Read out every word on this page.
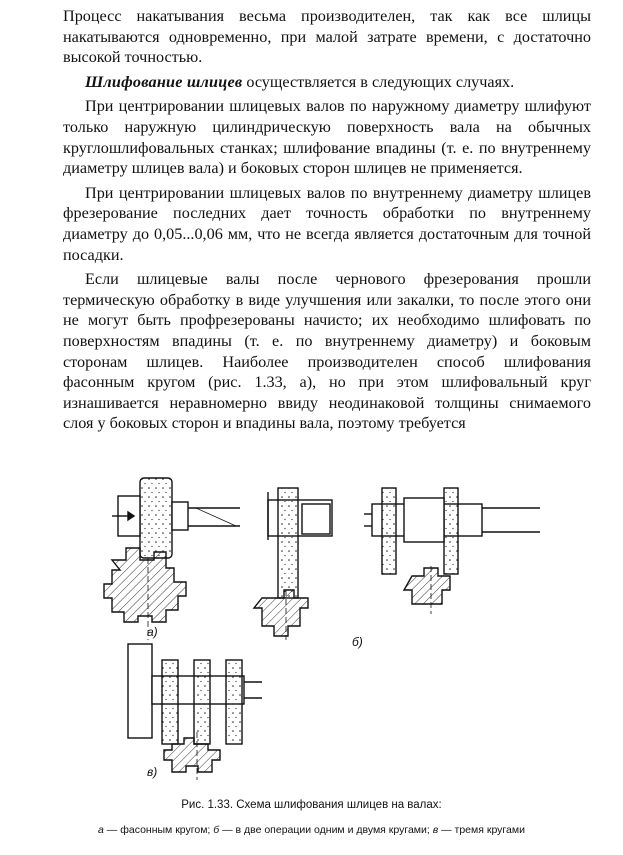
Процесс накатывания весьма производителен, так как все шлицы накатываются одновременно, при малой затрате времени, с достаточно высокой точностью.

Шлифование шлицев осуществляется в следующих случаях.

При центрировании шлицевых валов по наружному диаметру шлифуют только наружную цилиндрическую поверхность вала на обычных круглошлифовальных станках; шлифование впадины (т. е. по внутреннему диаметру шлицев вала) и боковых сторон шлицев не применяется.

При центрировании шлицевых валов по внутреннему диаметру шлицев фрезерование последних дает точность обработки по внутреннему диаметру до 0,05...0,06 мм, что не всегда является достаточным для точной посадки.

Если шлицевые валы после чернового фрезерования прошли термическую обработку в виде улучшения или закалки, то после этого они не могут быть профрезерованы начисто; их необходимо шлифовать по поверхностям впадины (т. е. по внутреннему диаметру) и боковым сторонам шлицев. Наиболее производителен способ шлифования фасонным кругом (рис. 1.33, а), но при этом шлифовальный круг изнашивается неравномерно ввиду неодинаковой толщины снимаемого слоя у боковых сторон и впадины вала, поэтому требуется

а)
б)
в)
Рис. 1.33. Схема шлифования шлицев на валах:
а — фасонным кругом; б — в две операции одним и двумя кругами; в — тремя кругами
